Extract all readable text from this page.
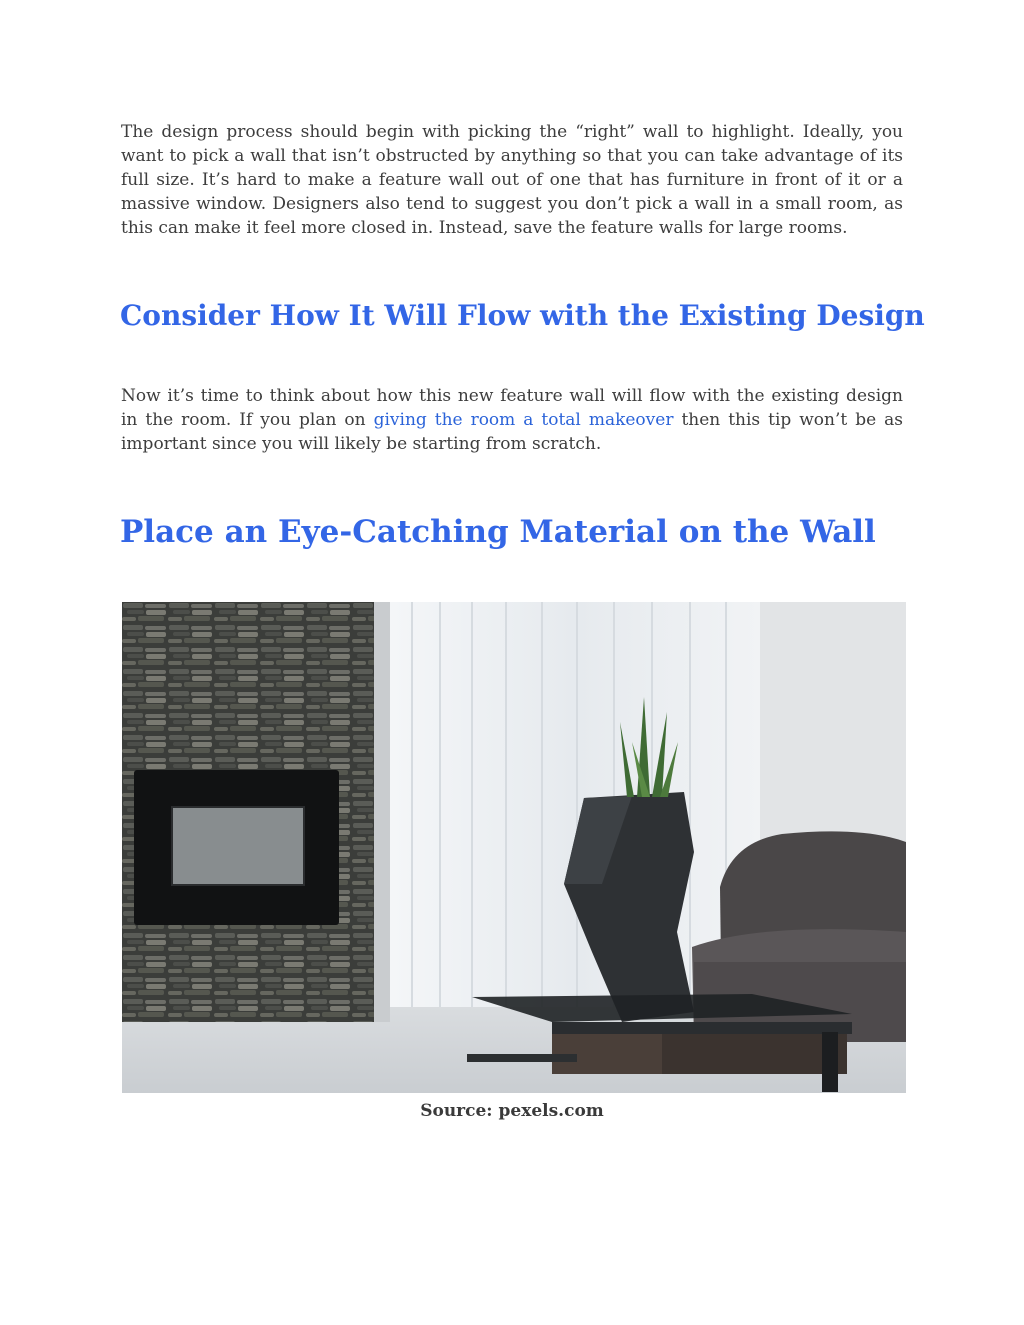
The design process should begin with picking the “right” wall to highlight. Ideally, you want to pick a wall that isn’t obstructed by anything so that you can take advantage of its full size. It’s hard to make a feature wall out of one that has furniture in front of it or a massive window. Designers also tend to suggest you don’t pick a wall in a small room, as this can make it feel more closed in. Instead, save the feature walls for large rooms.

Consider How It Will Flow with the Existing Design

Now it’s time to think about how this new feature wall will flow with the existing design in the room. If you plan on giving the room a total makeover then this tip won’t be as important since you will likely be starting from scratch.

Place an Eye-Catching Material on the Wall
Source: pexels.com
